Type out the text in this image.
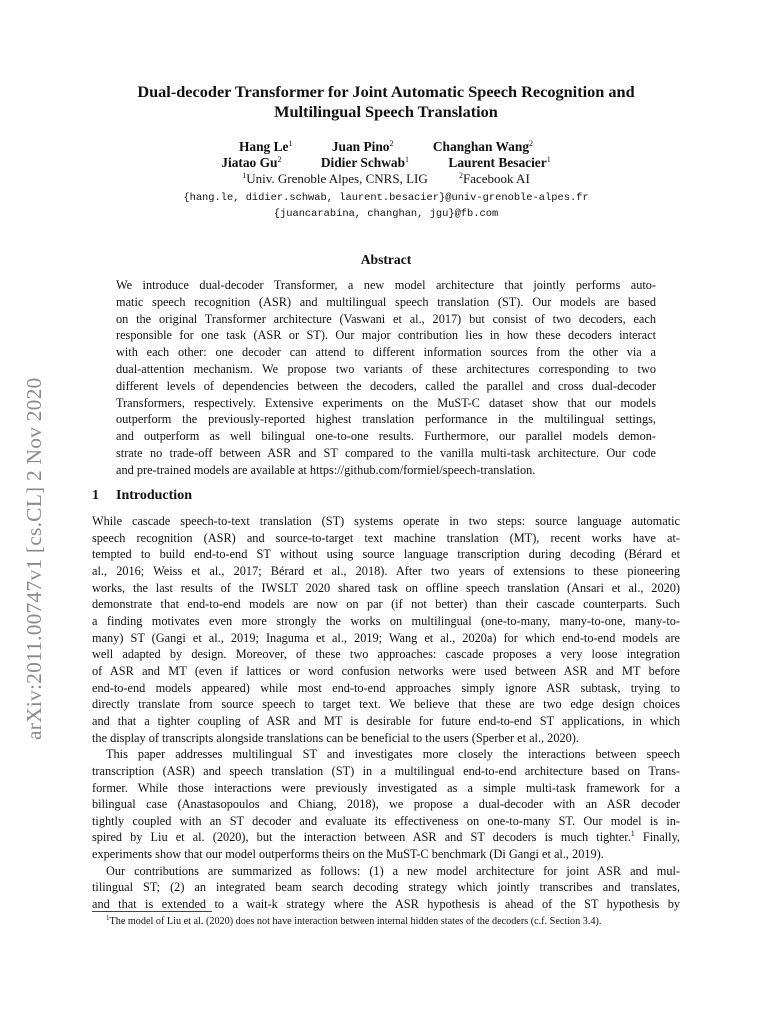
arXiv:2011.00747v1 [cs.CL] 2 Nov 2020
Dual-decoder Transformer for Joint Automatic Speech Recognition and
Multilingual Speech Translation
Hang Le$^1$	Juan Pino$^2$	Changhan Wang$^2$
Jiatao Gu$^2$	Didier Schwab$^1$	Laurent Besacier$^1$
$^1$Univ. Grenoble Alpes, CNRS, LIG	$^2$Facebook AI
{hang.le, didier.schwab, laurent.besacier}@univ-grenoble-alpes.fr
{juancarabina, changhan, jgu}@fb.com
Abstract
We introduce dual-decoder Transformer, a new model architecture that jointly performs auto-
matic speech recognition (ASR) and multilingual speech translation (ST). Our models are based
on the original Transformer architecture (Vaswani et al., 2017) but consist of two decoders, each
responsible for one task (ASR or ST). Our major contribution lies in how these decoders interact
with each other: one decoder can attend to different information sources from the other via a
dual-attention mechanism. We propose two variants of these architectures corresponding to two
different levels of dependencies between the decoders, called the parallel and cross dual-decoder
Transformers, respectively. Extensive experiments on the MuST-C dataset show that our models
outperform the previously-reported highest translation performance in the multilingual settings,
and outperform as well bilingual one-to-one results. Furthermore, our parallel models demon-
strate no trade-off between ASR and ST compared to the vanilla multi-task architecture. Our code
and pre-trained models are available at https://github.com/formiel/speech-translation.
1 Introduction
While cascade speech-to-text translation (ST) systems operate in two steps: source language automatic
speech recognition (ASR) and source-to-target text machine translation (MT), recent works have at-
tempted to build end-to-end ST without using source language transcription during decoding (Bérard et
al., 2016; Weiss et al., 2017; Bérard et al., 2018). After two years of extensions to these pioneering
works, the last results of the IWSLT 2020 shared task on offline speech translation (Ansari et al., 2020)
demonstrate that end-to-end models are now on par (if not better) than their cascade counterparts. Such
a finding motivates even more strongly the works on multilingual (one-to-many, many-to-one, many-to-
many) ST (Gangi et al., 2019; Inaguma et al., 2019; Wang et al., 2020a) for which end-to-end models are
well adapted by design. Moreover, of these two approaches: cascade proposes a very loose integration
of ASR and MT (even if lattices or word confusion networks were used between ASR and MT before
end-to-end models appeared) while most end-to-end approaches simply ignore ASR subtask, trying to
directly translate from source speech to target text. We believe that these are two edge design choices
and that a tighter coupling of ASR and MT is desirable for future end-to-end ST applications, in which
the display of transcripts alongside translations can be beneficial to the users (Sperber et al., 2020).
This paper addresses multilingual ST and investigates more closely the interactions between speech
transcription (ASR) and speech translation (ST) in a multilingual end-to-end architecture based on Trans-
former. While those interactions were previously investigated as a simple multi-task framework for a
bilingual case (Anastasopoulos and Chiang, 2018), we propose a dual-decoder with an ASR decoder
tightly coupled with an ST decoder and evaluate its effectiveness on one-to-many ST. Our model is in-
spired by Liu et al. (2020), but the interaction between ASR and ST decoders is much tighter.$^1$ Finally,
experiments show that our model outperforms theirs on the MuST-C benchmark (Di Gangi et al., 2019).
Our contributions are summarized as follows: (1) a new model architecture for joint ASR and mul-
tilingual ST; (2) an integrated beam search decoding strategy which jointly transcribes and translates,
and that is extended to a wait-k strategy where the ASR hypothesis is ahead of the ST hypothesis by
$^1$The model of Liu et al. (2020) does not have interaction between internal hidden states of the decoders (c.f. Section 3.4).
